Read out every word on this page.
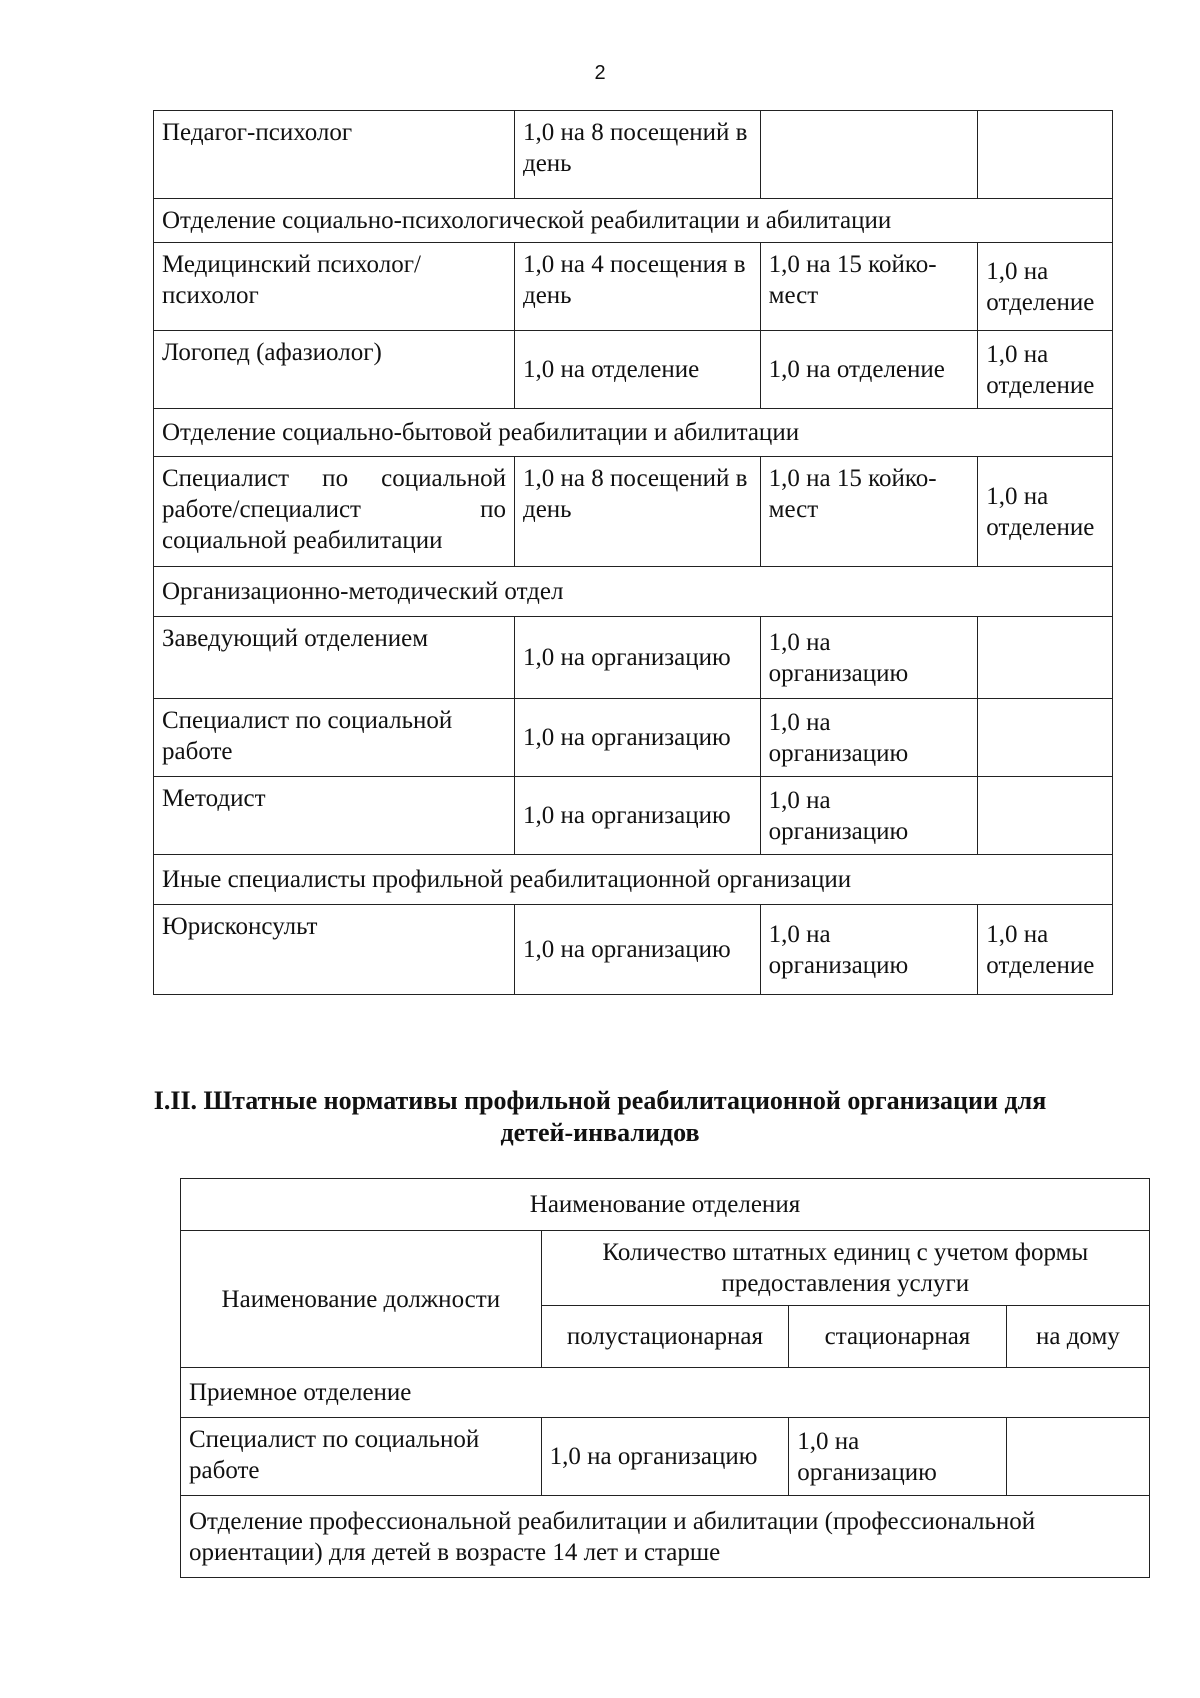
2
Педагог-психолог	1,0 на 8 посещений в день		
Отделение социально-психологической реабилитации и абилитации			
Медицинский психолог/психолог	1,0 на 4 посещения в день	1,0 на 15 койко-мест	1,0 на отделение
Логопед (афазиолог)	1,0 на отделение	1,0 на отделение	1,0 на отделение
Отделение социально-бытовой реабилитации и абилитации			
Специалист по социальной работе/специалист по социальной реабилитации	1,0 на 8 посещений в день	1,0 на 15 койко-мест	1,0 на отделение
Организационно-методический отдел			
Заведующий отделением	1,0 на организацию	1,0 на организацию	
Специалист по социальной работе	1,0 на организацию	1,0 на организацию	
Методист	1,0 на организацию	1,0 на организацию	
Иные специалисты профильной реабилитационной организации			
Юрисконсульт	1,0 на организацию	1,0 на организацию	1,0 на отделение
I.II. Штатные нормативы профильной реабилитационной организации для детей-инвалидов
Наименование отделения			
Наименование должности	Количество штатных единиц с учетом формы предоставления услуги		
	полустационарная	стационарная	на дому
Приемное отделение			
Специалист по социальной работе	1,0 на организацию	1,0 на организацию	
Отделение профессиональной реабилитации и абилитации (профессиональной ориентации) для детей в возрасте 14 лет и старше			
